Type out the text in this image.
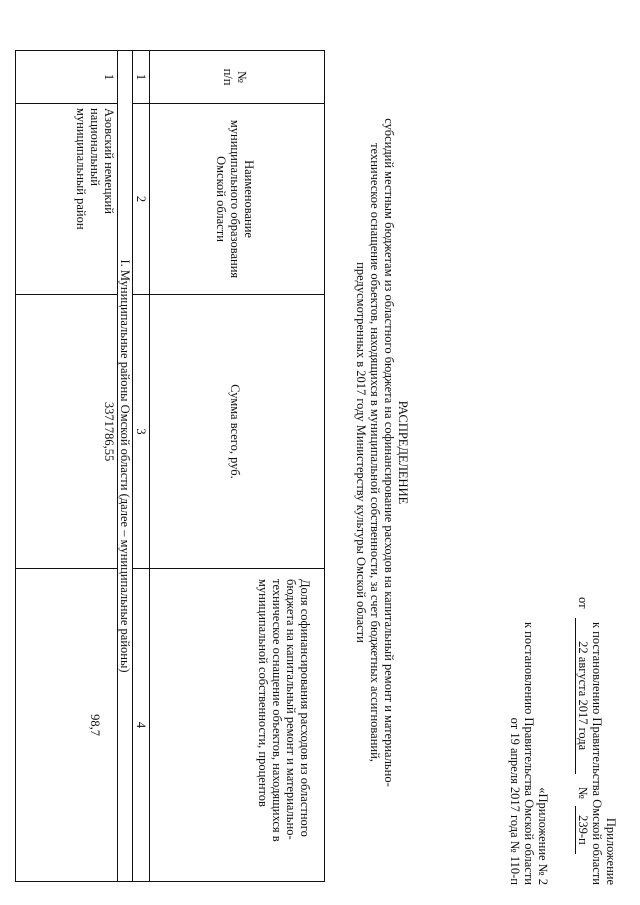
Приложение
к постановлению Правительства Омской области
от 22 августа 2017 года № 239-п
«Приложение № 2
к постановлению Правительства Омской области
от 19 апреля 2017 года № 110-п
РАСПРЕДЕЛЕНИЕ
субсидий местным бюджетам из областного бюджета на софинансирование расходов на капитальный ремонт и материально-
техническое оснащение объектов, находящихся в муниципальной собственности, за счет бюджетных ассигнований,
предусмотренных в 2017 году Министерству культуры Омской области
№
п/п
Наименование
муниципального образования
Омской области
Сумма всего, руб.
Доля софинансирования расходов из областного
бюджета на капитальный ремонт и материально-
техническое оснащение объектов, находящихся в
муниципальной собственности, процентов
1
2
3
4
I. Муниципальные районы Омской области (далее – муниципальные районы)
1
Азовский немецкий
национальный
муниципальный район
3371786,55
98,7
